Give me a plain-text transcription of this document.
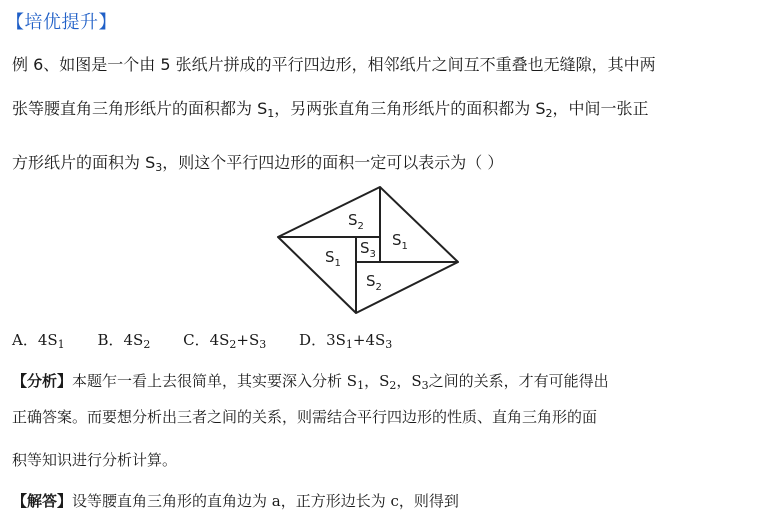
【培优提升】
例 6、如图是一个由 5 张纸片拼成的平行四边形，相邻纸片之间互不重叠也无缝隙，其中两
张等腰直角三角形纸片的面积都为 $S_1$，另两张直角三角形纸片的面积都为 $S_2$，中间一张正
方形纸片的面积为 $S_3$，则这个平行四边形的面积一定可以表示为（ ）
$S_2$
$S_3$
$S_1$
$S_1$
$S_2$
A．$4S_1$ B．$4S_2$ C．$4S_2+S_3$ D．$3S_1+4S_3$
【分析】本题乍一看上去很简单，其实要深入分析 $S_1$，$S_2$，$S_3$之间的关系，才有可能得出
正确答案。而要想分析出三者之间的关系，则需结合平行四边形的性质、直角三角形的面
积等知识进行分析计算。
【解答】设等腰直角三角形的直角边为 a，正方形边长为 c，则得到
